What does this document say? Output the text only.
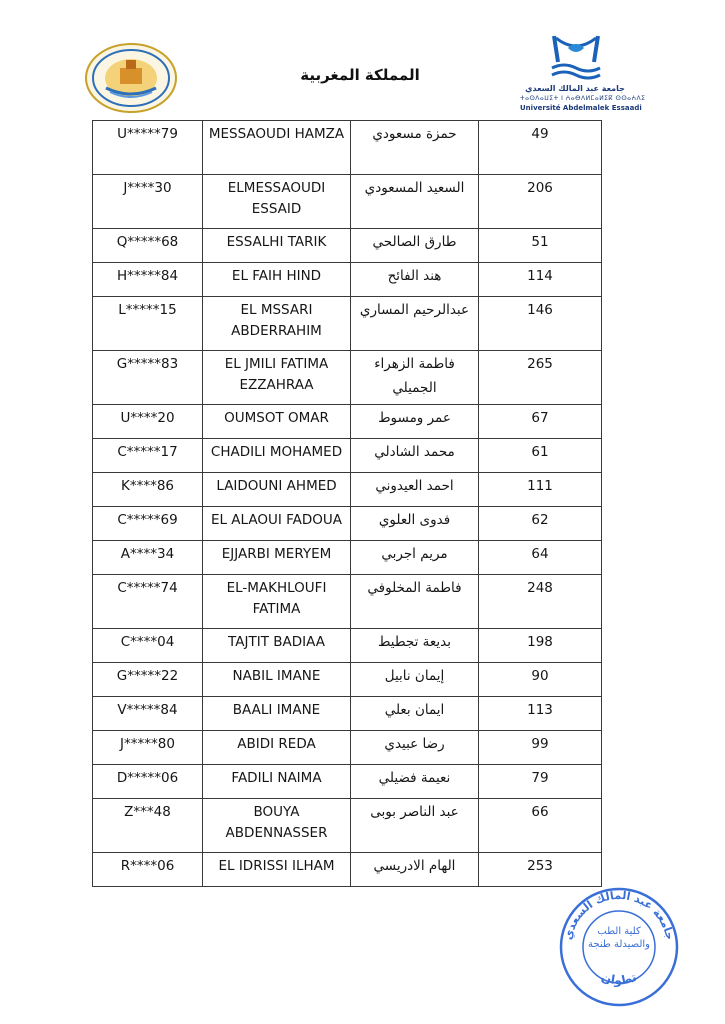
جامعة عبد المالك السعدي
ⵜⴰⵙⴷⴰⵡⵉⵜ ⵏ ⵄⴰⴱⴷⵍⵎⴰⵍⵉⴽ ⵙⵙⴰⵄⴷⵉ
Université Abdelmalek Essaadi
المملكة المغربية
U*****79	MESSAOUDI HAMZA	حمزة مسعودي	49
J****30	ELMESSAOUDI ESSAID	السعيد المسعودي	206
Q*****68	ESSALHI TARIK	طارق الصالحي	51
H*****84	EL FAIH HIND	هند الفائح	114
L*****15	EL MSSARI ABDERRAHIM	عبدالرحيم المساري	146
G*****83	EL JMILI FATIMA EZZAHRAA	فاطمة الزهراء الجميلي	265
U****20	OUMSOT OMAR	عمر ومسوط	67
C*****17	CHADILI MOHAMED	محمد الشادلي	61
K****86	LAIDOUNI AHMED	احمد العيدوني	111
C*****69	EL ALAOUI FADOUA	فدوى العلوي	62
A****34	EJJARBI MERYEM	مريم اجربي	64
C*****74	EL-MAKHLOUFI FATIMA	فاطمة المخلوفي	248
C****04	TAJTIT BADIAA	بديعة تجطيط	198
G*****22	NABIL IMANE	إيمان نابيل	90
V*****84	BAALI IMANE	ايمان بعلي	113
J*****80	ABIDI REDA	رضا عبيدي	99
D*****06	FADILI NAIMA	نعيمة فضيلي	79
Z***48	BOUYA ABDENNASSER	عبد الناصر بوبى	66
R****06	EL IDRISSI ILHAM	الهام الادريسي	253
جامعة عبد المالك السعدي
كلية الطب والصيدلة طنجة
تطوان
